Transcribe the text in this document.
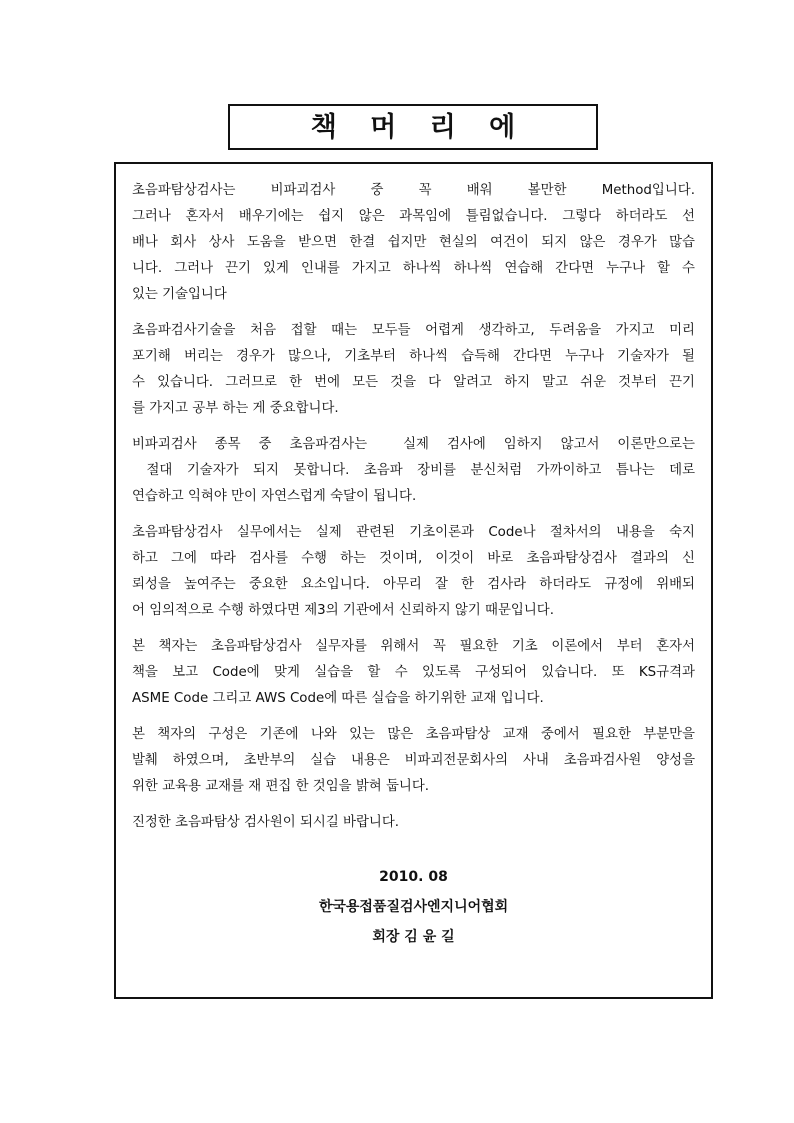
책 머 리 에
초음파탐상검사는 비파괴검사 중 꼭 배워 볼만한 Method입니다.
그러나 혼자서 배우기에는 쉽지 않은 과목임에 틀림없습니다. 그렇다 하더라도 선
배나 회사 상사 도움을 받으면 한결 쉽지만 현실의 여건이 되지 않은 경우가 많습
니다. 그러나 끈기 있게 인내를 가지고 하나씩 하나씩 연습해 간다면 누구나 할 수
있는 기술입니다
초음파검사기술을 처음 접할 때는 모두들 어렵게 생각하고, 두려움을 가지고 미리
포기해 버리는 경우가 많으나, 기초부터 하나씩 습득해 간다면 누구나 기술자가 될
수 있습니다. 그러므로 한 번에 모든 것을 다 알려고 하지 말고 쉬운 것부터 끈기
를 가지고 공부 하는 게 중요합니다.
비파괴검사 종목 중 초음파검사는  실제 검사에 임하지 않고서 이론만으로는
절대 기술자가 되지 못합니다. 초음파 장비를 분신처럼 가까이하고 틈나는 데로
연습하고 익혀야 만이 자연스럽게 숙달이 됩니다.
초음파탐상검사 실무에서는 실제 관련된 기초이론과 Code나 절차서의 내용을 숙지
하고 그에 따라 검사를 수행 하는 것이며, 이것이 바로 초음파탐상검사 결과의 신
뢰성을 높여주는 중요한 요소입니다. 아무리 잘 한 검사라 하더라도 규정에 위배되
어 임의적으로 수행 하였다면 제3의 기관에서 신뢰하지 않기 때문입니다.
본 책자는 초음파탐상검사 실무자를 위해서 꼭 필요한 기초 이론에서 부터 혼자서
책을 보고 Code에 맞게 실습을 할 수 있도록 구성되어 있습니다. 또 KS규격과
ASME Code 그리고 AWS Code에 따른 실습을 하기위한 교재 입니다.
본 책자의 구성은 기존에 나와 있는 많은 초음파탐상 교재 중에서 필요한 부분만을
발췌 하였으며, 초반부의 실습 내용은 비파괴전문회사의 사내 초음파검사원 양성을
위한 교육용 교재를 재 편집 한 것임을 밝혀 둡니다.
진정한 초음파탐상 검사원이 되시길 바랍니다.
2010. 08
한국용접품질검사엔지니어협회
회장 김 윤 길
